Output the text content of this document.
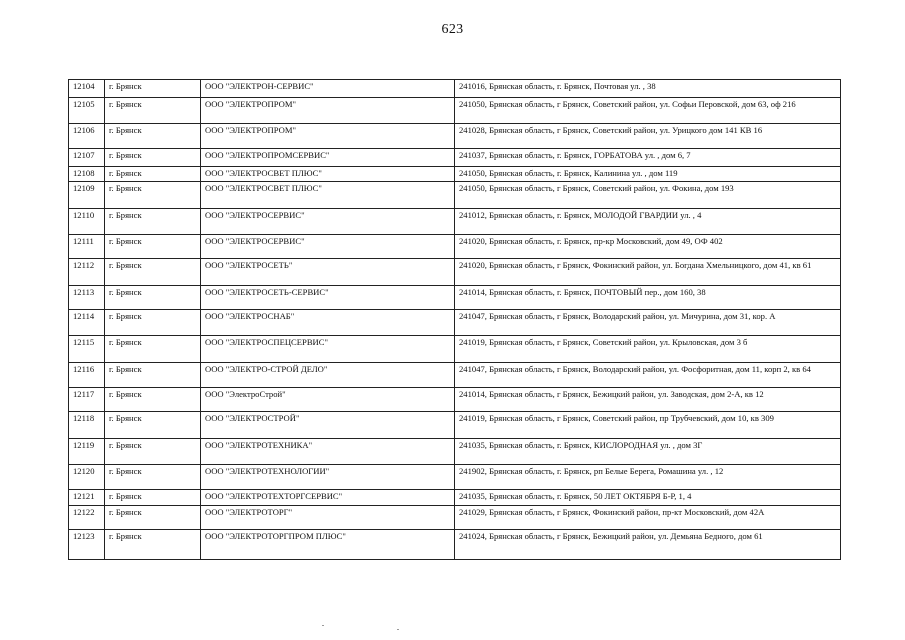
623
12104	г. Брянск	ООО "ЭЛЕКТРОН-СЕРВИС"	241016, Брянская область, г. Брянск, Почтовая ул. , 38
12105	г. Брянск	ООО "ЭЛЕКТРОПРОМ"	241050, Брянская область, г Брянск, Советский район, ул. Софьи Перовской, дом 63, оф 216
12106	г. Брянск	ООО "ЭЛЕКТРОПРОМ"	241028, Брянская область, г Брянск, Советский район, ул. Урицкого дом 141 КВ 16
12107	г. Брянск	ООО "ЭЛЕКТРОПРОМСЕРВИС"	241037, Брянская область, г. Брянск, ГОРБАТОВА ул. , дом 6, 7
12108	г. Брянск	ООО "ЭЛЕКТРОСВЕТ ПЛЮС"	241050, Брянская область, г. Брянск, Калинина ул. , дом 119
12109	г. Брянск	ООО "ЭЛЕКТРОСВЕТ ПЛЮС"	241050, Брянская область, г Брянск, Советский район, ул. Фокина, дом 193
12110	г. Брянск	ООО "ЭЛЕКТРОСЕРВИС"	241012, Брянская область, г. Брянск, МОЛОДОЙ ГВАРДИИ ул. , 4
12111	г. Брянск	ООО "ЭЛЕКТРОСЕРВИС"	241020, Брянская область, г. Брянск, пр-кр Московский, дом 49, ОФ 402
12112	г. Брянск	ООО "ЭЛЕКТРОСЕТЬ"	241020, Брянская область, г Брянск, Фокинский район, ул. Богдана Хмельницкого, дом 41, кв 61
12113	г. Брянск	ООО "ЭЛЕКТРОСЕТЬ-СЕРВИС"	241014, Брянская область, г. Брянск, ПОЧТОВЫЙ пер., дом 160, 38
12114	г. Брянск	ООО "ЭЛЕКТРОСНАБ"	241047, Брянская область, г Брянск, Володарский район, ул. Мичурина, дом 31, кор. А
12115	г. Брянск	ООО "ЭЛЕКТРОСПЕЦСЕРВИС"	241019, Брянская область, г Брянск, Советский район, ул. Крыловская, дом 3 б
12116	г. Брянск	ООО "ЭЛЕКТРО-СТРОЙ ДЕЛО"	241047, Брянская область, г Брянск, Володарский район, ул. Фосфоритная, дом 11, корп 2, кв 64
12117	г. Брянск	ООО "ЭлектроСтрой"	241014, Брянская область, г Брянск, Бежицкий район, ул. Заводская, дом 2-А, кв 12
12118	г. Брянск	ООО "ЭЛЕКТРОСТРОЙ"	241019, Брянская область, г Брянск, Советский район, пр Трубчевский, дом 10, кв 309
12119	г. Брянск	ООО "ЭЛЕКТРОТЕХНИКА"	241035, Брянская область, г. Брянск, КИСЛОРОДНАЯ ул. , дом 3Г
12120	г. Брянск	ООО "ЭЛЕКТРОТЕХНОЛОГИИ"	241902, Брянская область, г. Брянск, рп Белые Берега, Ромашина ул. , 12
12121	г. Брянск	ООО "ЭЛЕКТРОТЕХТОРГСЕРВИС"	241035, Брянская область, г. Брянск, 50 ЛЕТ ОКТЯБРЯ Б-Р, 1, 4
12122	г. Брянск	ООО "ЭЛЕКТРОТОРГ"	241029, Брянская область, г Брянск, Фокинский район, пр-кт Московский, дом 42А
12123	г. Брянск	ООО "ЭЛЕКТРОТОРГПРОМ ПЛЮС"	241024, Брянская область, г Брянск, Бежицкий район, ул. Демьяна Бедного, дом 61
